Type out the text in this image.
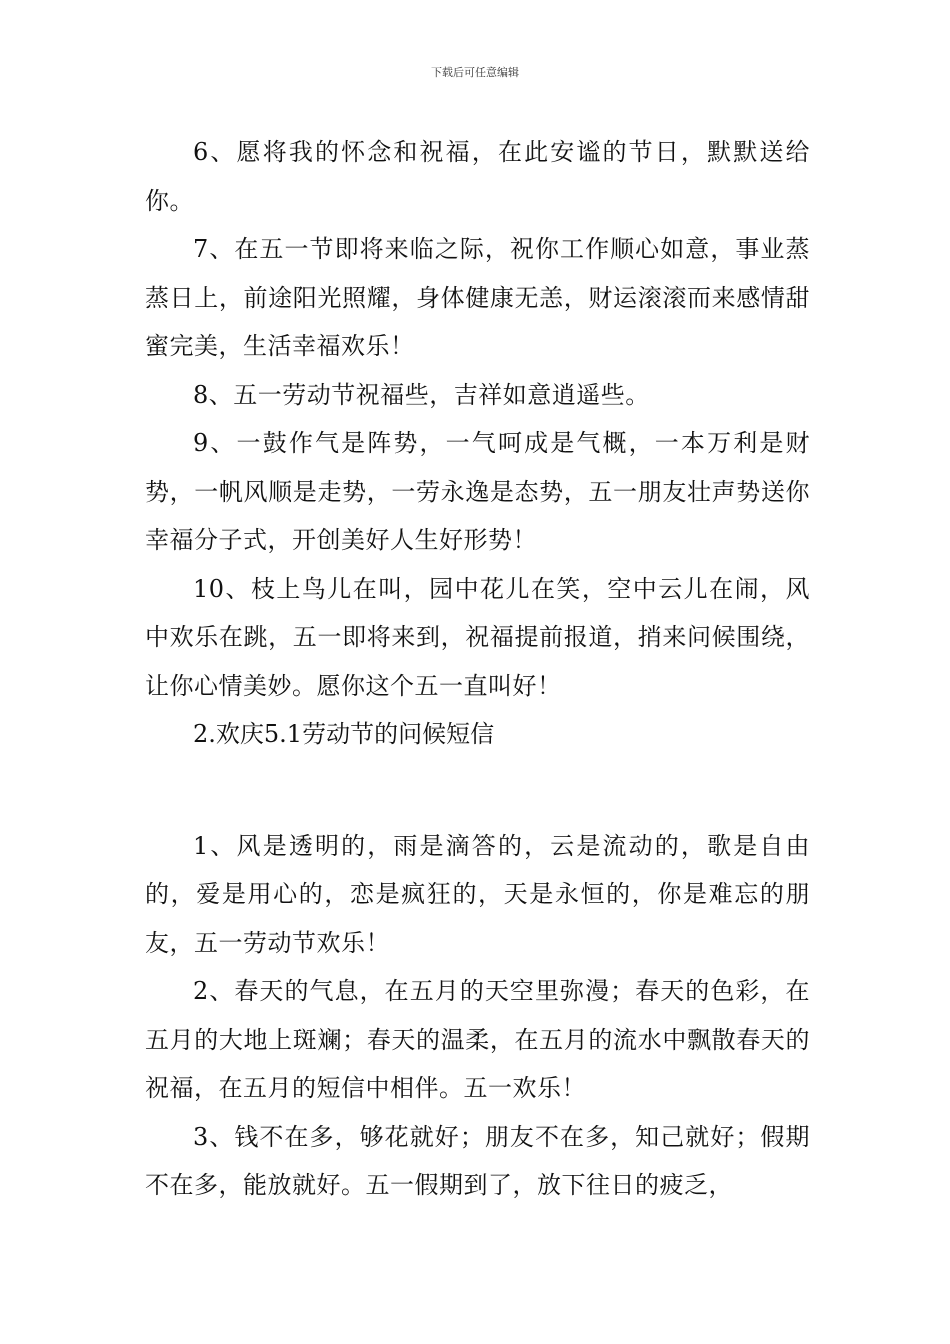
下载后可任意编辑

6、愿将我的怀念和祝福，在此安谧的节日，默默送给你。

7、在五一节即将来临之际，祝你工作顺心如意，事业蒸蒸日上，前途阳光照耀，身体健康无恙，财运滚滚而来感情甜蜜完美，生活幸福欢乐！

8、五一劳动节祝福些，吉祥如意逍遥些。

9、一鼓作气是阵势，一气呵成是气概，一本万利是财势，一帆风顺是走势，一劳永逸是态势，五一朋友壮声势送你幸福分子式，开创美好人生好形势！

10、枝上鸟儿在叫，园中花儿在笑，空中云儿在闹，风中欢乐在跳，五一即将来到，祝福提前报道，捎来问候围绕，让你心情美妙。愿你这个五一直叫好！

2.欢庆5.1劳动节的问候短信

1、风是透明的，雨是滴答的，云是流动的，歌是自由的，爱是用心的，恋是疯狂的，天是永恒的，你是难忘的朋友，五一劳动节欢乐！

2、春天的气息，在五月的天空里弥漫；春天的色彩，在五月的大地上斑斓；春天的温柔，在五月的流水中飘散春天的祝福，在五月的短信中相伴。五一欢乐！

3、钱不在多，够花就好；朋友不在多，知己就好；假期不在多，能放就好。五一假期到了，放下往日的疲乏，
